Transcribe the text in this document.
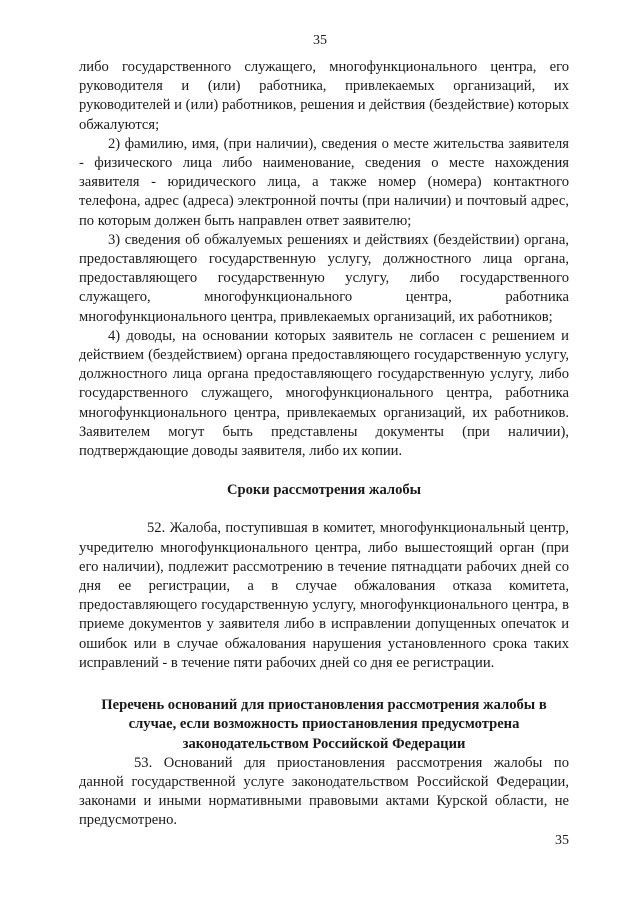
35

либо государственного служащего, многофункционального центра, его руководителя и (или) работника, привлекаемых организаций, их руководителей и (или) работников, решения и действия (бездействие) которых обжалуются;

2) фамилию, имя, (при наличии), сведения о месте жительства заявителя - физического лица либо наименование, сведения о месте нахождения заявителя - юридического лица, а также номер (номера) контактного телефона, адрес (адреса) электронной почты (при наличии) и почтовый адрес, по которым должен быть направлен ответ заявителю;

3) сведения об обжалуемых решениях и действиях (бездействии) органа, предоставляющего государственную услугу, должностного лица органа, предоставляющего государственную услугу, либо государственного служащего, многофункционального центра, работника многофункционального центра, привлекаемых организаций, их работников;

4) доводы, на основании которых заявитель не согласен с решением и действием (бездействием) органа предоставляющего государственную услугу, должностного лица органа предоставляющего государственную услугу, либо государственного служащего, многофункционального центра, работника многофункционального центра, привлекаемых организаций, их работников. Заявителем могут быть представлены документы (при наличии), подтверждающие доводы заявителя, либо их копии.

Сроки рассмотрения жалобы

52. Жалоба, поступившая в комитет, многофункциональный центр, учредителю многофункционального центра, либо вышестоящий орган (при его наличии), подлежит рассмотрению в течение пятнадцати рабочих дней со дня ее регистрации, а в случае обжалования отказа комитета, предоставляющего государственную услугу, многофункционального центра, в приеме документов у заявителя либо в исправлении допущенных опечаток и ошибок или в случае обжалования нарушения установленного срока таких исправлений - в течение пяти рабочих дней со дня ее регистрации.

Перечень оснований для приостановления рассмотрения жалобы в
случае, если возможность приостановления предусмотрена
законодательством Российской Федерации

53. Оснований для приостановления рассмотрения жалобы по данной государственной услуге законодательством Российской Федерации, законами и иными нормативными правовыми актами Курской области, не предусмотрено.

35
